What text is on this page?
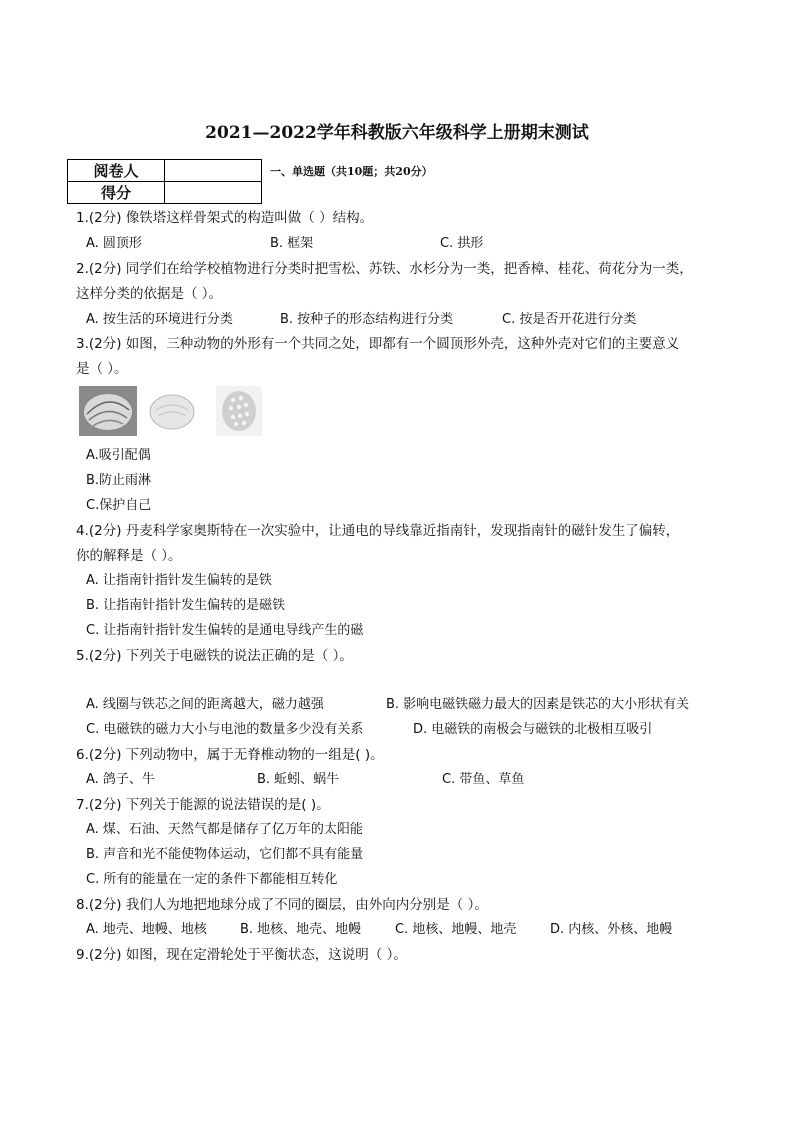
2021—2022学年科教版六年级科学上册期末测试
阅卷人	
得分	
一、单选题（共10题；共20分）
1.(2分) 像铁塔这样骨架式的构造叫做（ ）结构。
A. 圆顶形	B. 框架	C. 拱形
2.(2分) 同学们在给学校植物进行分类时把雪松、苏铁、水杉分为一类，把香樟、桂花、荷花分为一类，
这样分类的依据是（ ）。
A. 按生活的环境进行分类	B. 按种子的形态结构进行分类	C. 按是否开花进行分类
3.(2分) 如图，三种动物的外形有一个共同之处，即都有一个圆顶形外壳，这种外壳对它们的主要意义
是（ ）。
A.吸引配偶
B.防止雨淋
C.保护自己
4.(2分) 丹麦科学家奥斯特在一次实验中，让通电的导线靠近指南针，发现指南针的磁针发生了偏转，
你的解释是（ ）。
A. 让指南针指针发生偏转的是铁
B. 让指南针指针发生偏转的是磁铁
C. 让指南针指针发生偏转的是通电导线产生的磁
5.(2分) 下列关于电磁铁的说法正确的是（ ）。
A. 线圈与铁芯之间的距离越大，磁力越强	B. 影响电磁铁磁力最大的因素是铁芯的大小形状有关
C. 电磁铁的磁力大小与电池的数量多少没有关系	D. 电磁铁的南极会与磁铁的北极相互吸引
6.(2分) 下列动物中，属于无脊椎动物的一组是( )。
A. 鸽子、牛	B. 蚯蚓、蜗牛	C. 带鱼、草鱼
7.(2分) 下列关于能源的说法错误的是( )。
A. 煤、石油、天然气都是储存了亿万年的太阳能
B. 声音和光不能使物体运动，它们都不具有能量
C. 所有的能量在一定的条件下都能相互转化
8.(2分) 我们人为地把地球分成了不同的圈层，由外向内分别是（ ）。
A. 地壳、地幔、地核	B. 地核、地壳、地幔	C. 地核、地幔、地壳	D. 内核、外核、地幔
9.(2分) 如图，现在定滑轮处于平衡状态，这说明（ ）。
